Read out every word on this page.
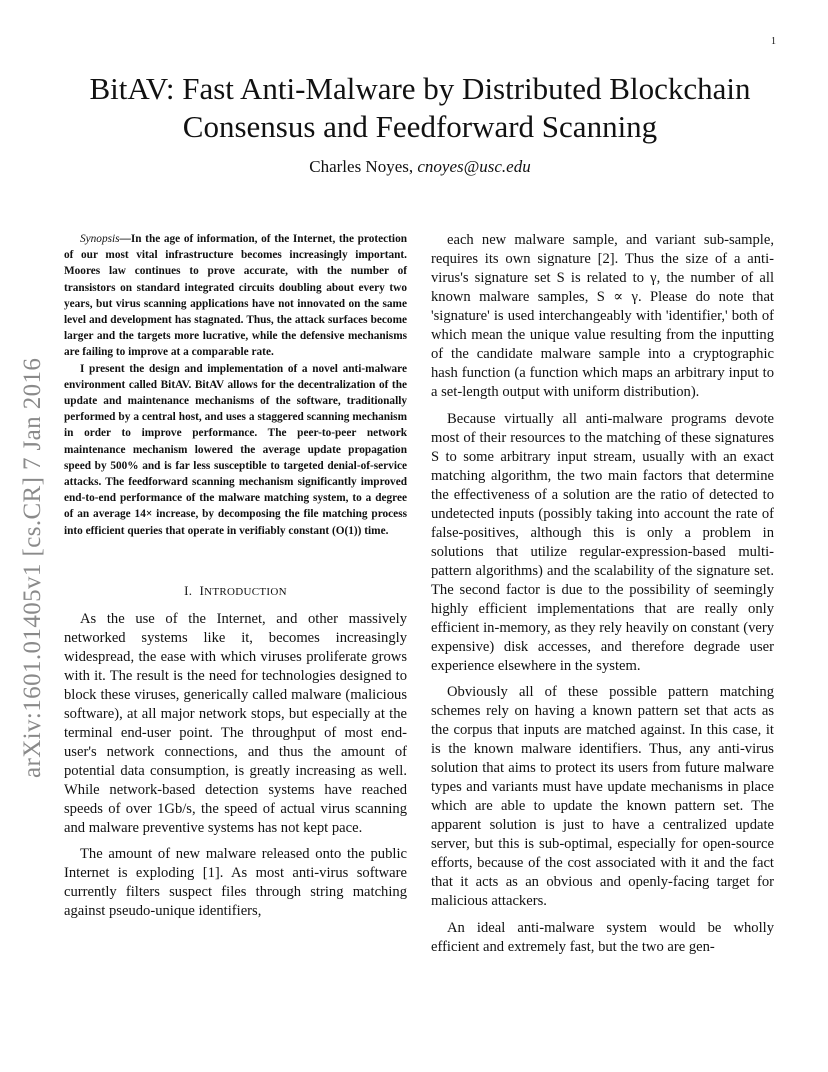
1

arXiv:1601.01405v1 [cs.CR] 7 Jan 2016
BitAV: Fast Anti-Malware by Distributed Blockchain Consensus and Feedforward Scanning
Charles Noyes, cnoyes@usc.edu

Synopsis—In the age of information, of the Internet, the protection of our most vital infrastructure becomes increasingly important. Moores law continues to prove accurate, with the number of transistors on standard integrated circuits doubling about every two years, but virus scanning applications have not innovated on the same level and development has stagnated. Thus, the attack surfaces become larger and the targets more lucrative, while the defensive mechanisms are failing to improve at a comparable rate.

I present the design and implementation of a novel anti-malware environment called BitAV. BitAV allows for the decentralization of the update and maintenance mechanisms of the software, traditionally performed by a central host, and uses a staggered scanning mechanism in order to improve performance. The peer-to-peer network maintenance mechanism lowered the average update propagation speed by 500% and is far less susceptible to targeted denial-of-service attacks. The feedforward scanning mechanism significantly improved end-to-end performance of the malware matching system, to a degree of an average 14× increase, by decomposing the file matching process into efficient queries that operate in verifiably constant (O(1)) time.

I. INTRODUCTION

As the use of the Internet, and other massively networked systems like it, becomes increasingly widespread, the ease with which viruses proliferate grows with it. The result is the need for technologies designed to block these viruses, generically called malware (malicious software), at all major network stops, but especially at the terminal end-user point. The throughput of most end-user's network connections, and thus the amount of potential data consumption, is greatly increasing as well. While network-based detection systems have reached speeds of over 1Gb/s, the speed of actual virus scanning and malware preventive systems has not kept pace.

The amount of new malware released onto the public Internet is exploding [1]. As most anti-virus software currently filters suspect files through string matching against pseudo-unique identifiers,

each new malware sample, and variant sub-sample, requires its own signature [2]. Thus the size of a anti-virus's signature set S is related to γ, the number of all known malware samples, S ∝ γ. Please do note that 'signature' is used interchangeably with 'identifier,' both of which mean the unique value resulting from the inputting of the candidate malware sample into a cryptographic hash function (a function which maps an arbitrary input to a set-length output with uniform distribution).

Because virtually all anti-malware programs devote most of their resources to the matching of these signatures S to some arbitrary input stream, usually with an exact matching algorithm, the two main factors that determine the effectiveness of a solution are the ratio of detected to undetected inputs (possibly taking into account the rate of false-positives, although this is only a problem in solutions that utilize regular-expression-based multi-pattern algorithms) and the scalability of the signature set. The second factor is due to the possibility of seemingly highly efficient implementations that are really only efficient in-memory, as they rely heavily on constant (very expensive) disk accesses, and therefore degrade user experience elsewhere in the system.

Obviously all of these possible pattern matching schemes rely on having a known pattern set that acts as the corpus that inputs are matched against. In this case, it is the known malware identifiers. Thus, any anti-virus solution that aims to protect its users from future malware types and variants must have update mechanisms in place which are able to update the known pattern set. The apparent solution is just to have a centralized update server, but this is sub-optimal, especially for open-source efforts, because of the cost associated with it and the fact that it acts as an obvious and openly-facing target for malicious attackers.

An ideal anti-malware system would be wholly efficient and extremely fast, but the two are gen-
